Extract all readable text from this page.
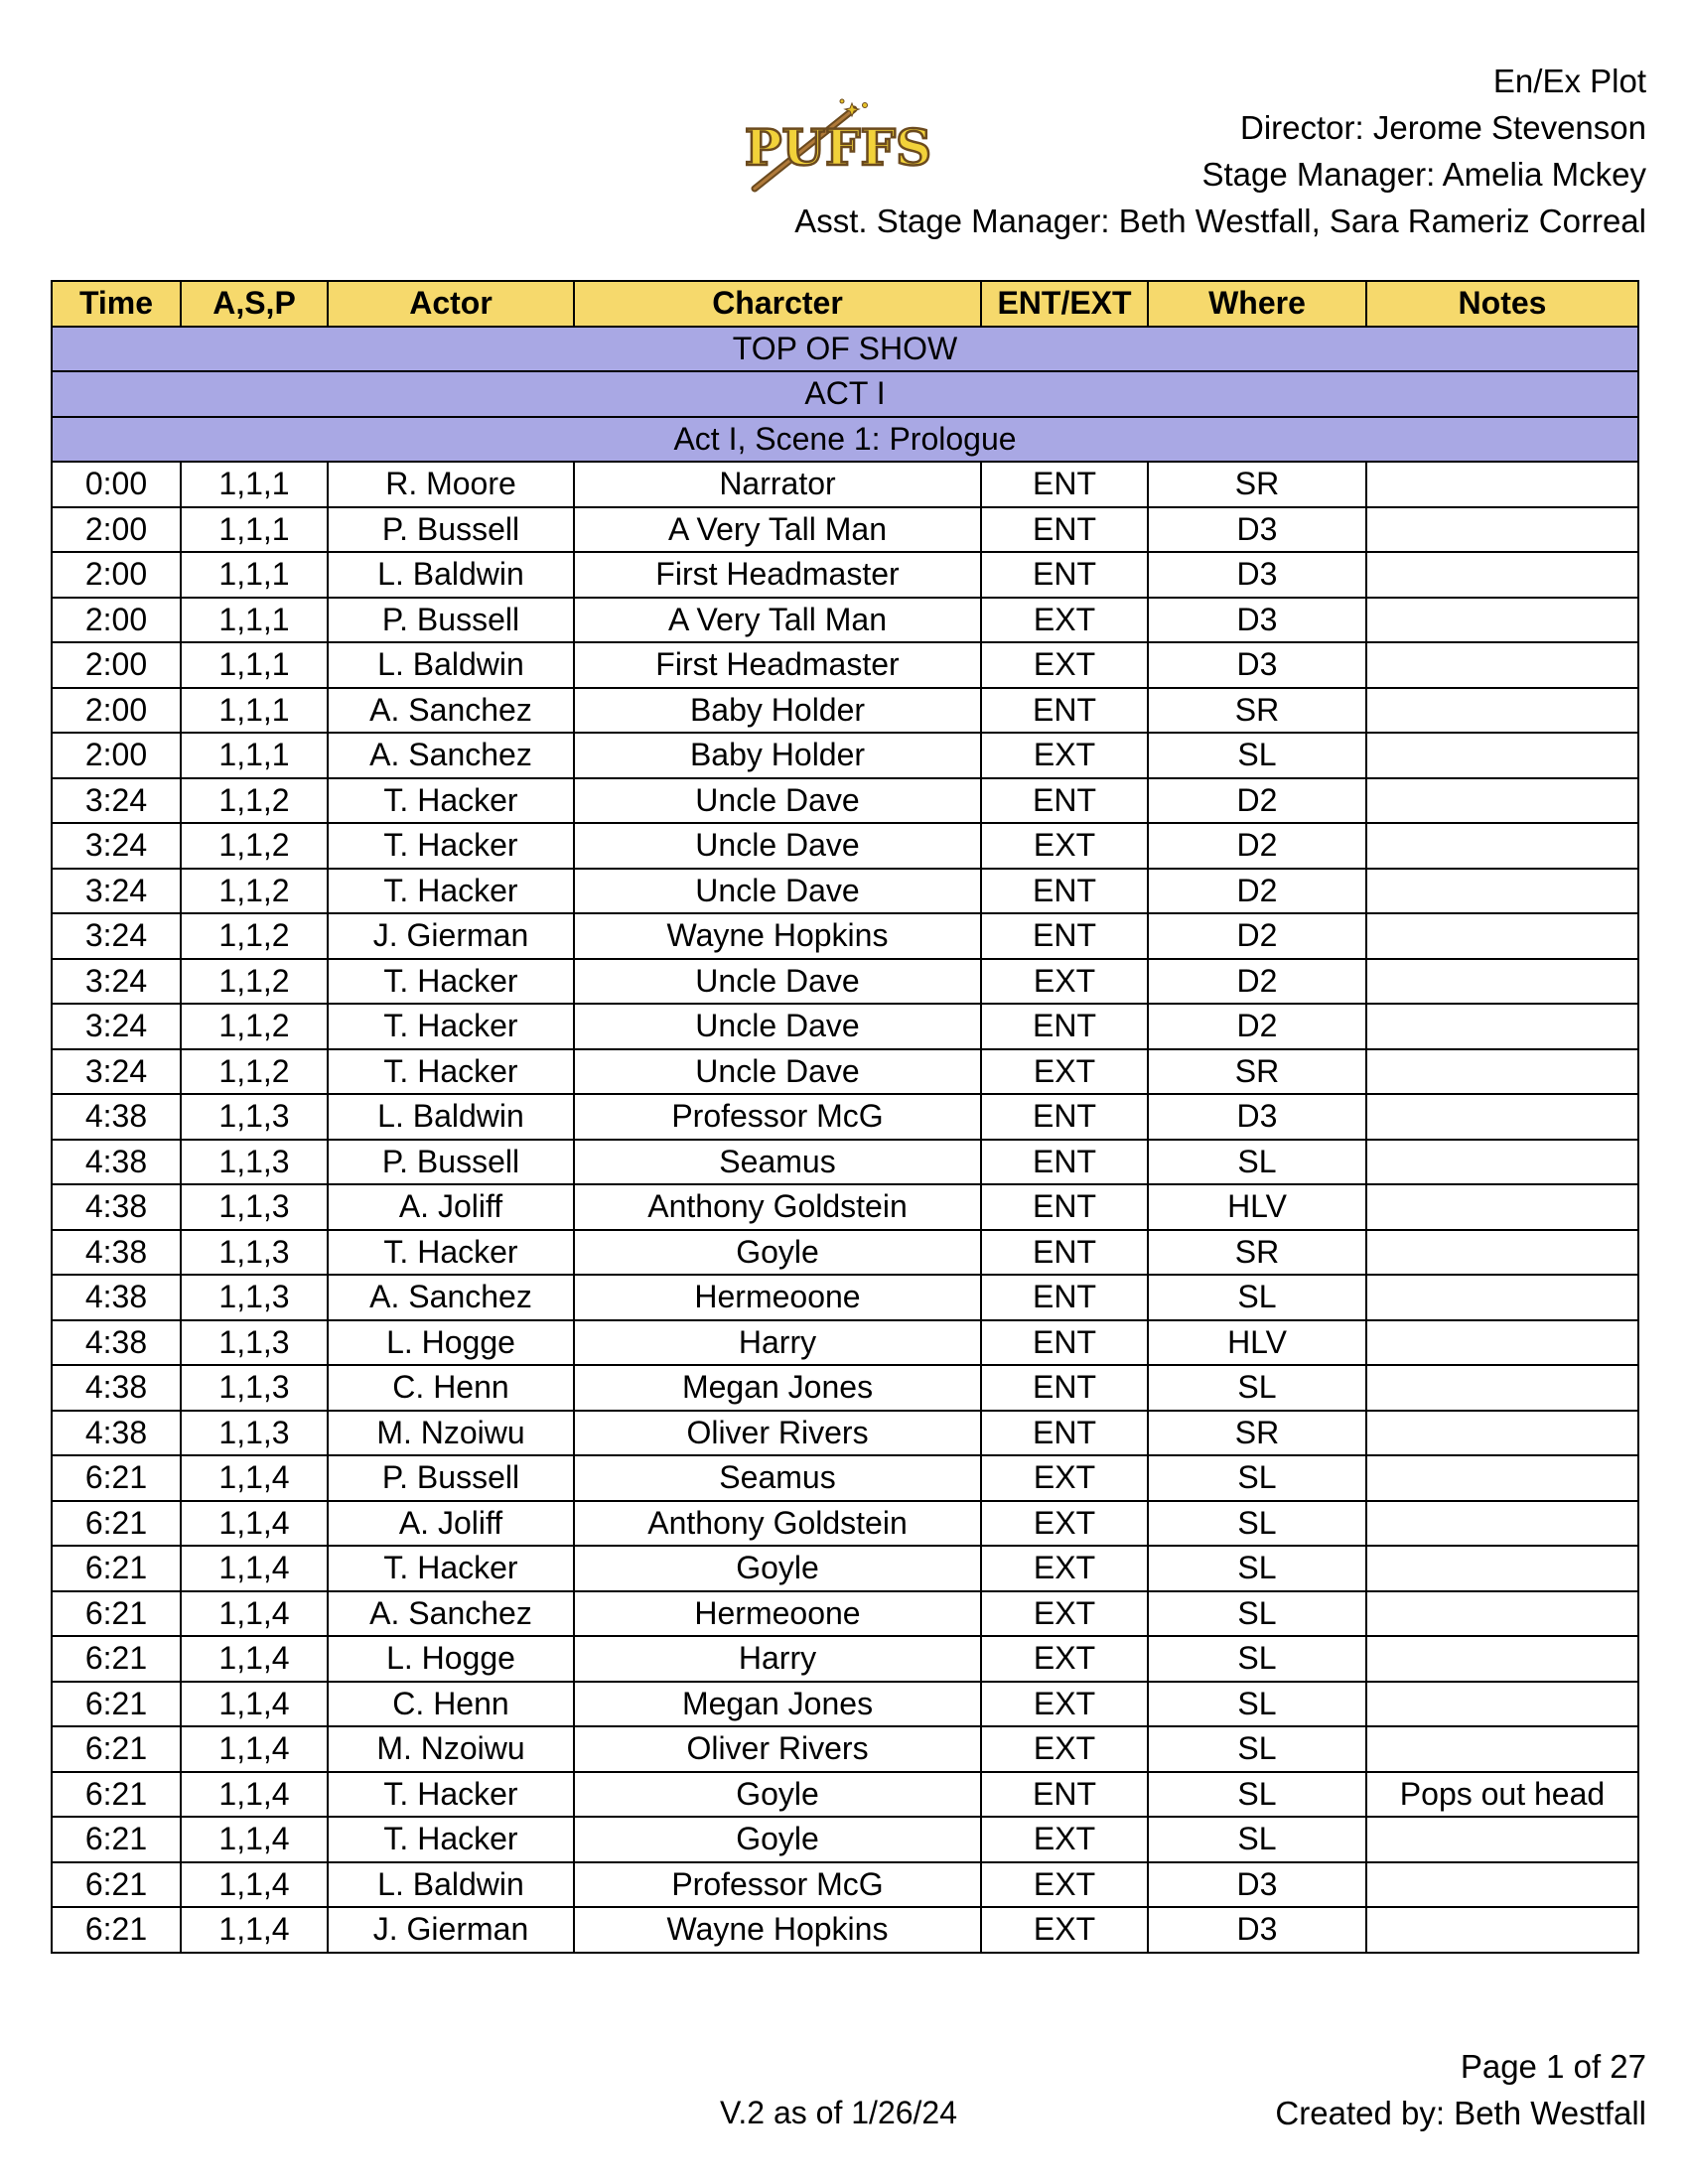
En/Ex Plot
Director: Jerome Stevenson
Stage Manager: Amelia Mckey
Asst. Stage Manager: Beth Westfall, Sara Rameriz Correal
PUFFS
Time	A,S,P	Actor	Charcter	ENT/EXT	Where	Notes
TOP OF SHOW						
ACT I						
Act I, Scene 1: Prologue						
0:00	1,1,1	R. Moore	Narrator	ENT	SR	
2:00	1,1,1	P. Bussell	A Very Tall Man	ENT	D3	
2:00	1,1,1	L. Baldwin	First Headmaster	ENT	D3	
2:00	1,1,1	P. Bussell	A Very Tall Man	EXT	D3	
2:00	1,1,1	L. Baldwin	First Headmaster	EXT	D3	
2:00	1,1,1	A. Sanchez	Baby Holder	ENT	SR	
2:00	1,1,1	A. Sanchez	Baby Holder	EXT	SL	
3:24	1,1,2	T. Hacker	Uncle Dave	ENT	D2	
3:24	1,1,2	T. Hacker	Uncle Dave	EXT	D2	
3:24	1,1,2	T. Hacker	Uncle Dave	ENT	D2	
3:24	1,1,2	J. Gierman	Wayne Hopkins	ENT	D2	
3:24	1,1,2	T. Hacker	Uncle Dave	EXT	D2	
3:24	1,1,2	T. Hacker	Uncle Dave	ENT	D2	
3:24	1,1,2	T. Hacker	Uncle Dave	EXT	SR	
4:38	1,1,3	L. Baldwin	Professor McG	ENT	D3	
4:38	1,1,3	P. Bussell	Seamus	ENT	SL	
4:38	1,1,3	A. Joliff	Anthony Goldstein	ENT	HLV	
4:38	1,1,3	T. Hacker	Goyle	ENT	SR	
4:38	1,1,3	A. Sanchez	Hermeoone	ENT	SL	
4:38	1,1,3	L. Hogge	Harry	ENT	HLV	
4:38	1,1,3	C. Henn	Megan Jones	ENT	SL	
4:38	1,1,3	M. Nzoiwu	Oliver Rivers	ENT	SR	
6:21	1,1,4	P. Bussell	Seamus	EXT	SL	
6:21	1,1,4	A. Joliff	Anthony Goldstein	EXT	SL	
6:21	1,1,4	T. Hacker	Goyle	EXT	SL	
6:21	1,1,4	A. Sanchez	Hermeoone	EXT	SL	
6:21	1,1,4	L. Hogge	Harry	EXT	SL	
6:21	1,1,4	C. Henn	Megan Jones	EXT	SL	
6:21	1,1,4	M. Nzoiwu	Oliver Rivers	EXT	SL	
6:21	1,1,4	T. Hacker	Goyle	ENT	SL	Pops out head
6:21	1,1,4	T. Hacker	Goyle	EXT	SL	
6:21	1,1,4	L. Baldwin	Professor McG	EXT	D3	
6:21	1,1,4	J. Gierman	Wayne Hopkins	EXT	D3	
Page 1 of 27
V.2 as of 1/26/24	Created by: Beth Westfall
